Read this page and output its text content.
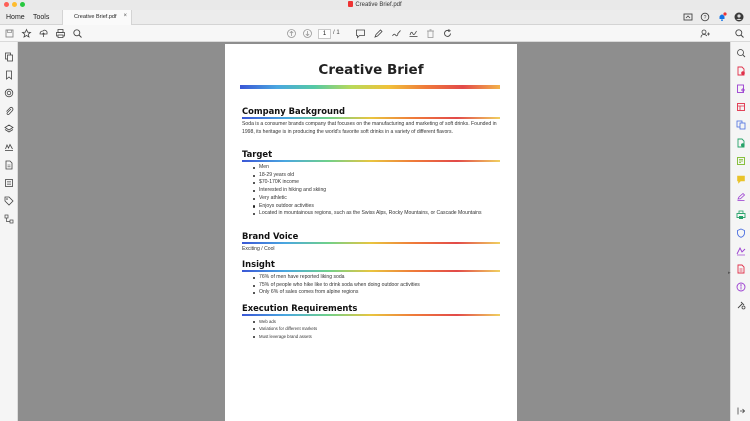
Creative Brief.pdf
Home Tools	Creative Brief.pdf ×	?
1	/ 1
Creative Brief
Company Background

Soda is a consumer brands company that focuses on the manufacturing and marketing of soft drinks. Founded in 1998, its heritage is in producing the world's favorite soft drinks in a variety of different flavors.

Target
Men
18-29 years old
$70-170K income
Interested in hiking and skiing
Very athletic
Enjoys outdoor activities
Located in mountainous regions, such as the Swiss Alps, Rocky Mountains, or Cascade Mountains
Brand Voice

Exciting / Cool

Insight
76% of men have reported liking soda
75% of people who hike like to drink soda when doing outdoor activities
Only 6% of sales comes from alpine regions
Execution Requirements
Web ads
Variations for different markets
Must leverage brand assets
▸
